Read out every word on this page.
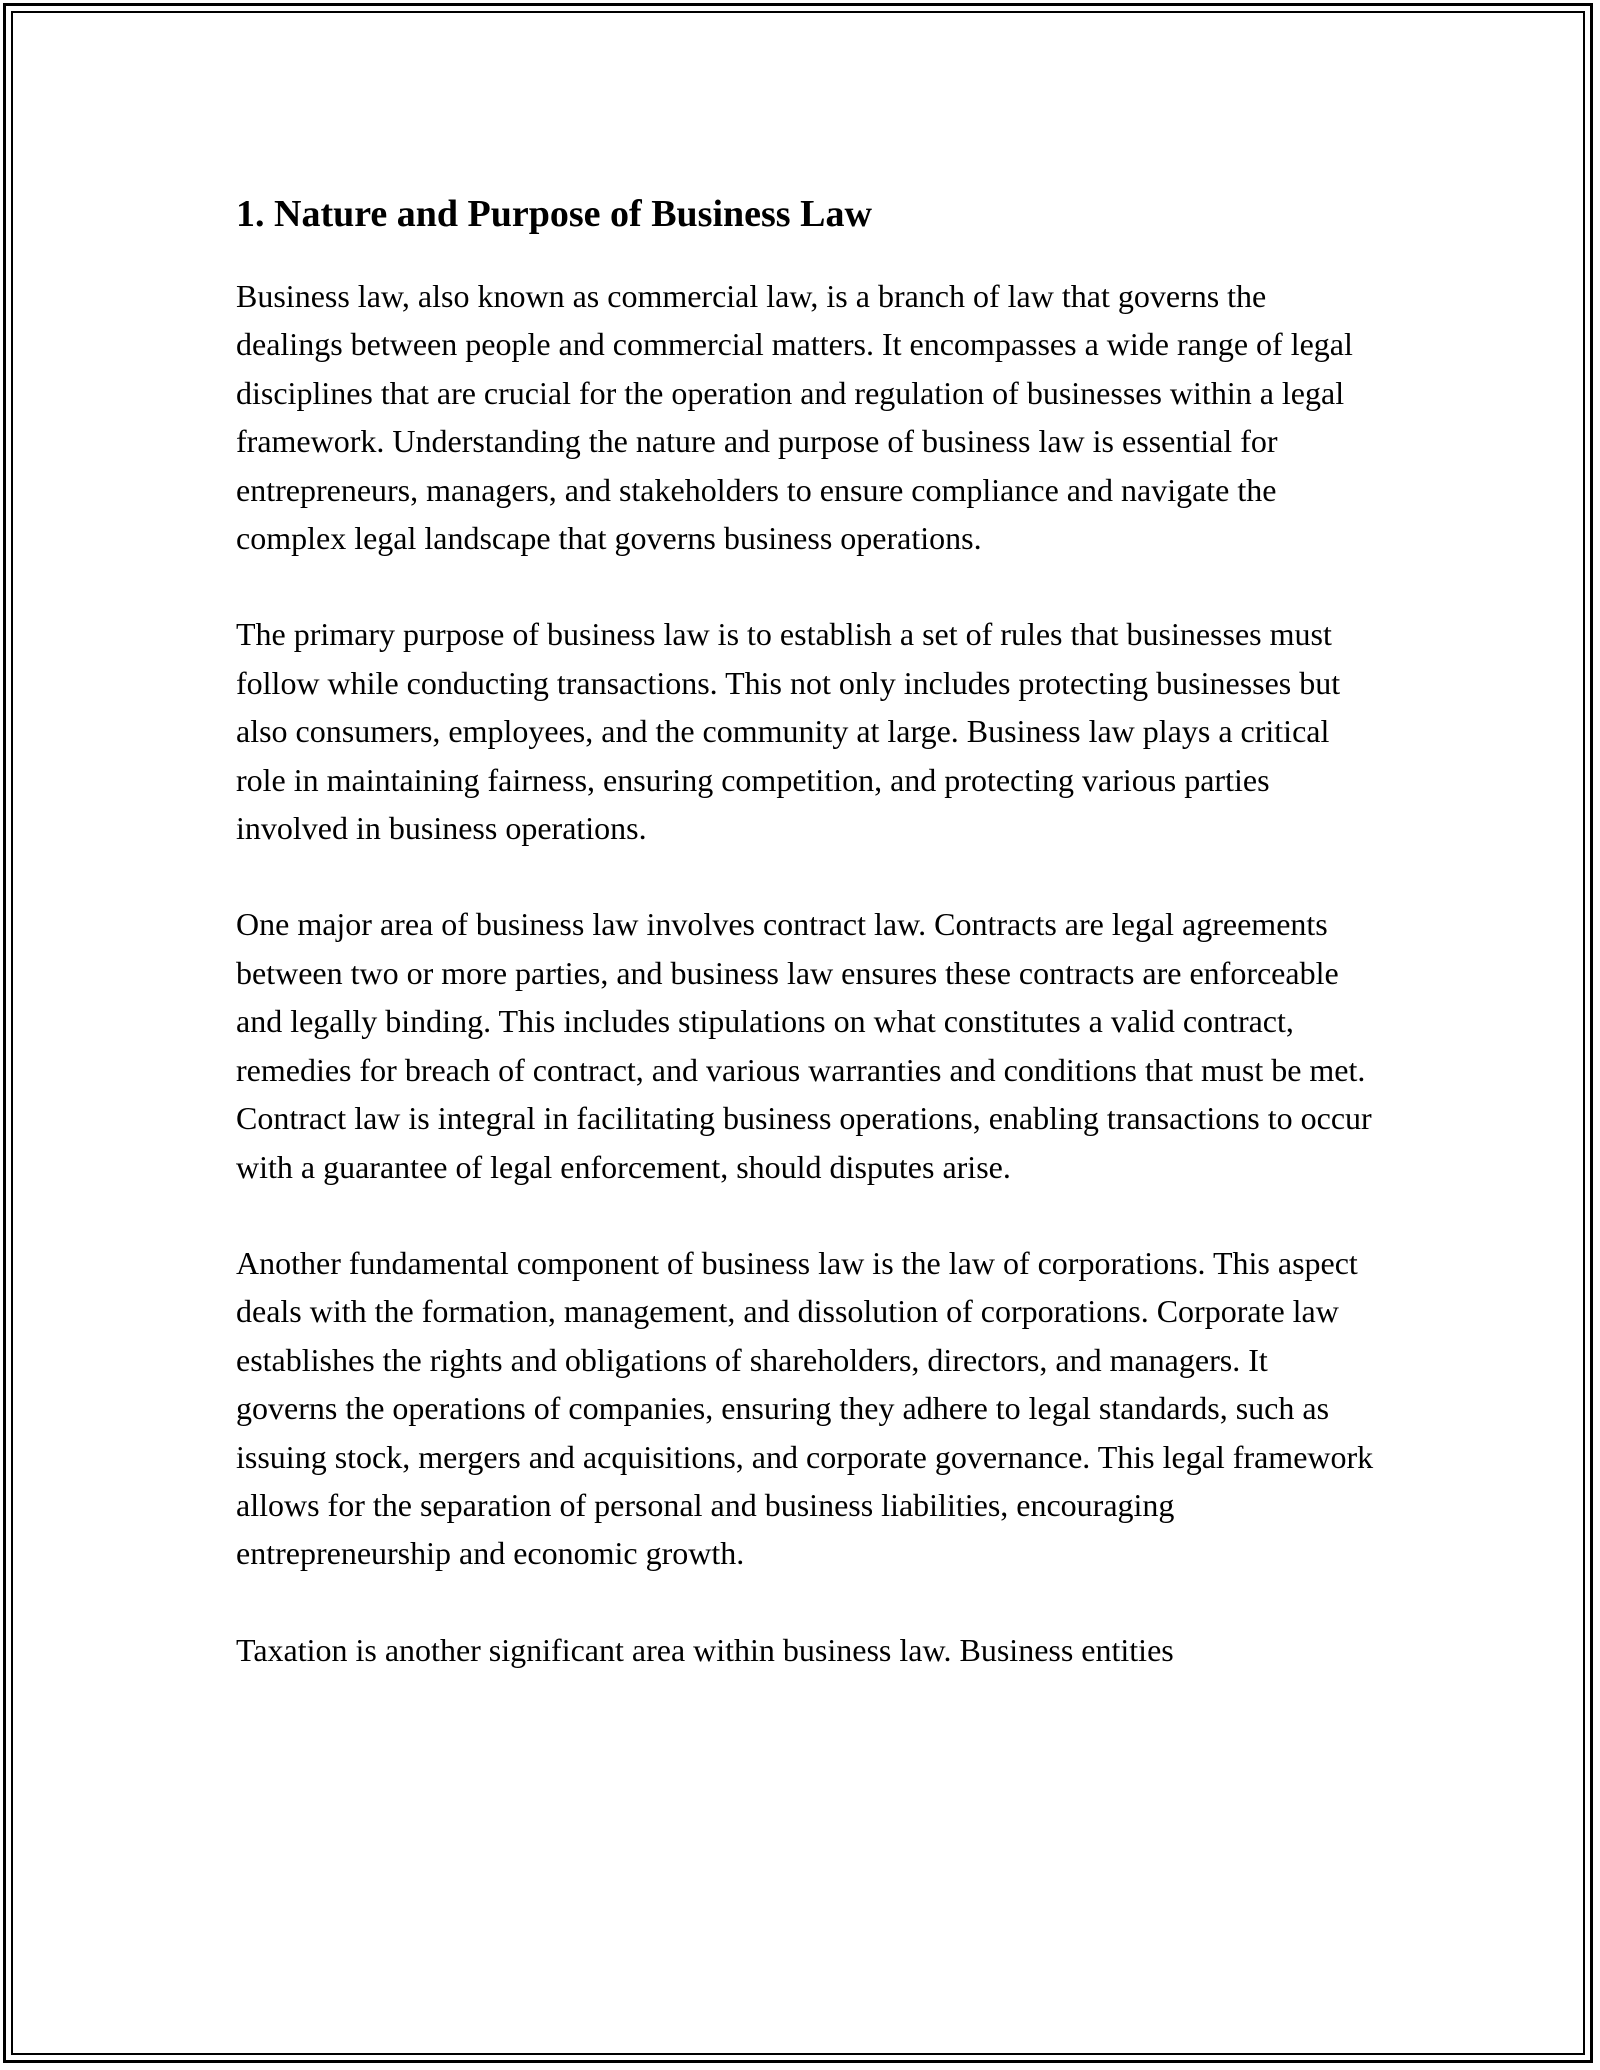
1. Nature and Purpose of Business Law

Business law, also known as commercial law, is a branch of law that governs the dealings between people and commercial matters. It encompasses a wide range of legal disciplines that are crucial for the operation and regulation of businesses within a legal framework. Understanding the nature and purpose of business law is essential for entrepreneurs, managers, and stakeholders to ensure compliance and navigate the complex legal landscape that governs business operations.

The primary purpose of business law is to establish a set of rules that businesses must follow while conducting transactions. This not only includes protecting businesses but also consumers, employees, and the community at large. Business law plays a critical role in maintaining fairness, ensuring competition, and protecting various parties involved in business operations.

One major area of business law involves contract law. Contracts are legal agreements between two or more parties, and business law ensures these contracts are enforceable and legally binding. This includes stipulations on what constitutes a valid contract, remedies for breach of contract, and various warranties and conditions that must be met. Contract law is integral in facilitating business operations, enabling transactions to occur with a guarantee of legal enforcement, should disputes arise.

Another fundamental component of business law is the law of corporations. This aspect deals with the formation, management, and dissolution of corporations. Corporate law establishes the rights and obligations of shareholders, directors, and managers. It governs the operations of companies, ensuring they adhere to legal standards, such as issuing stock, mergers and acquisitions, and corporate governance. This legal framework allows for the separation of personal and business liabilities, encouraging entrepreneurship and economic growth.

Taxation is another significant area within business law. Business entities
